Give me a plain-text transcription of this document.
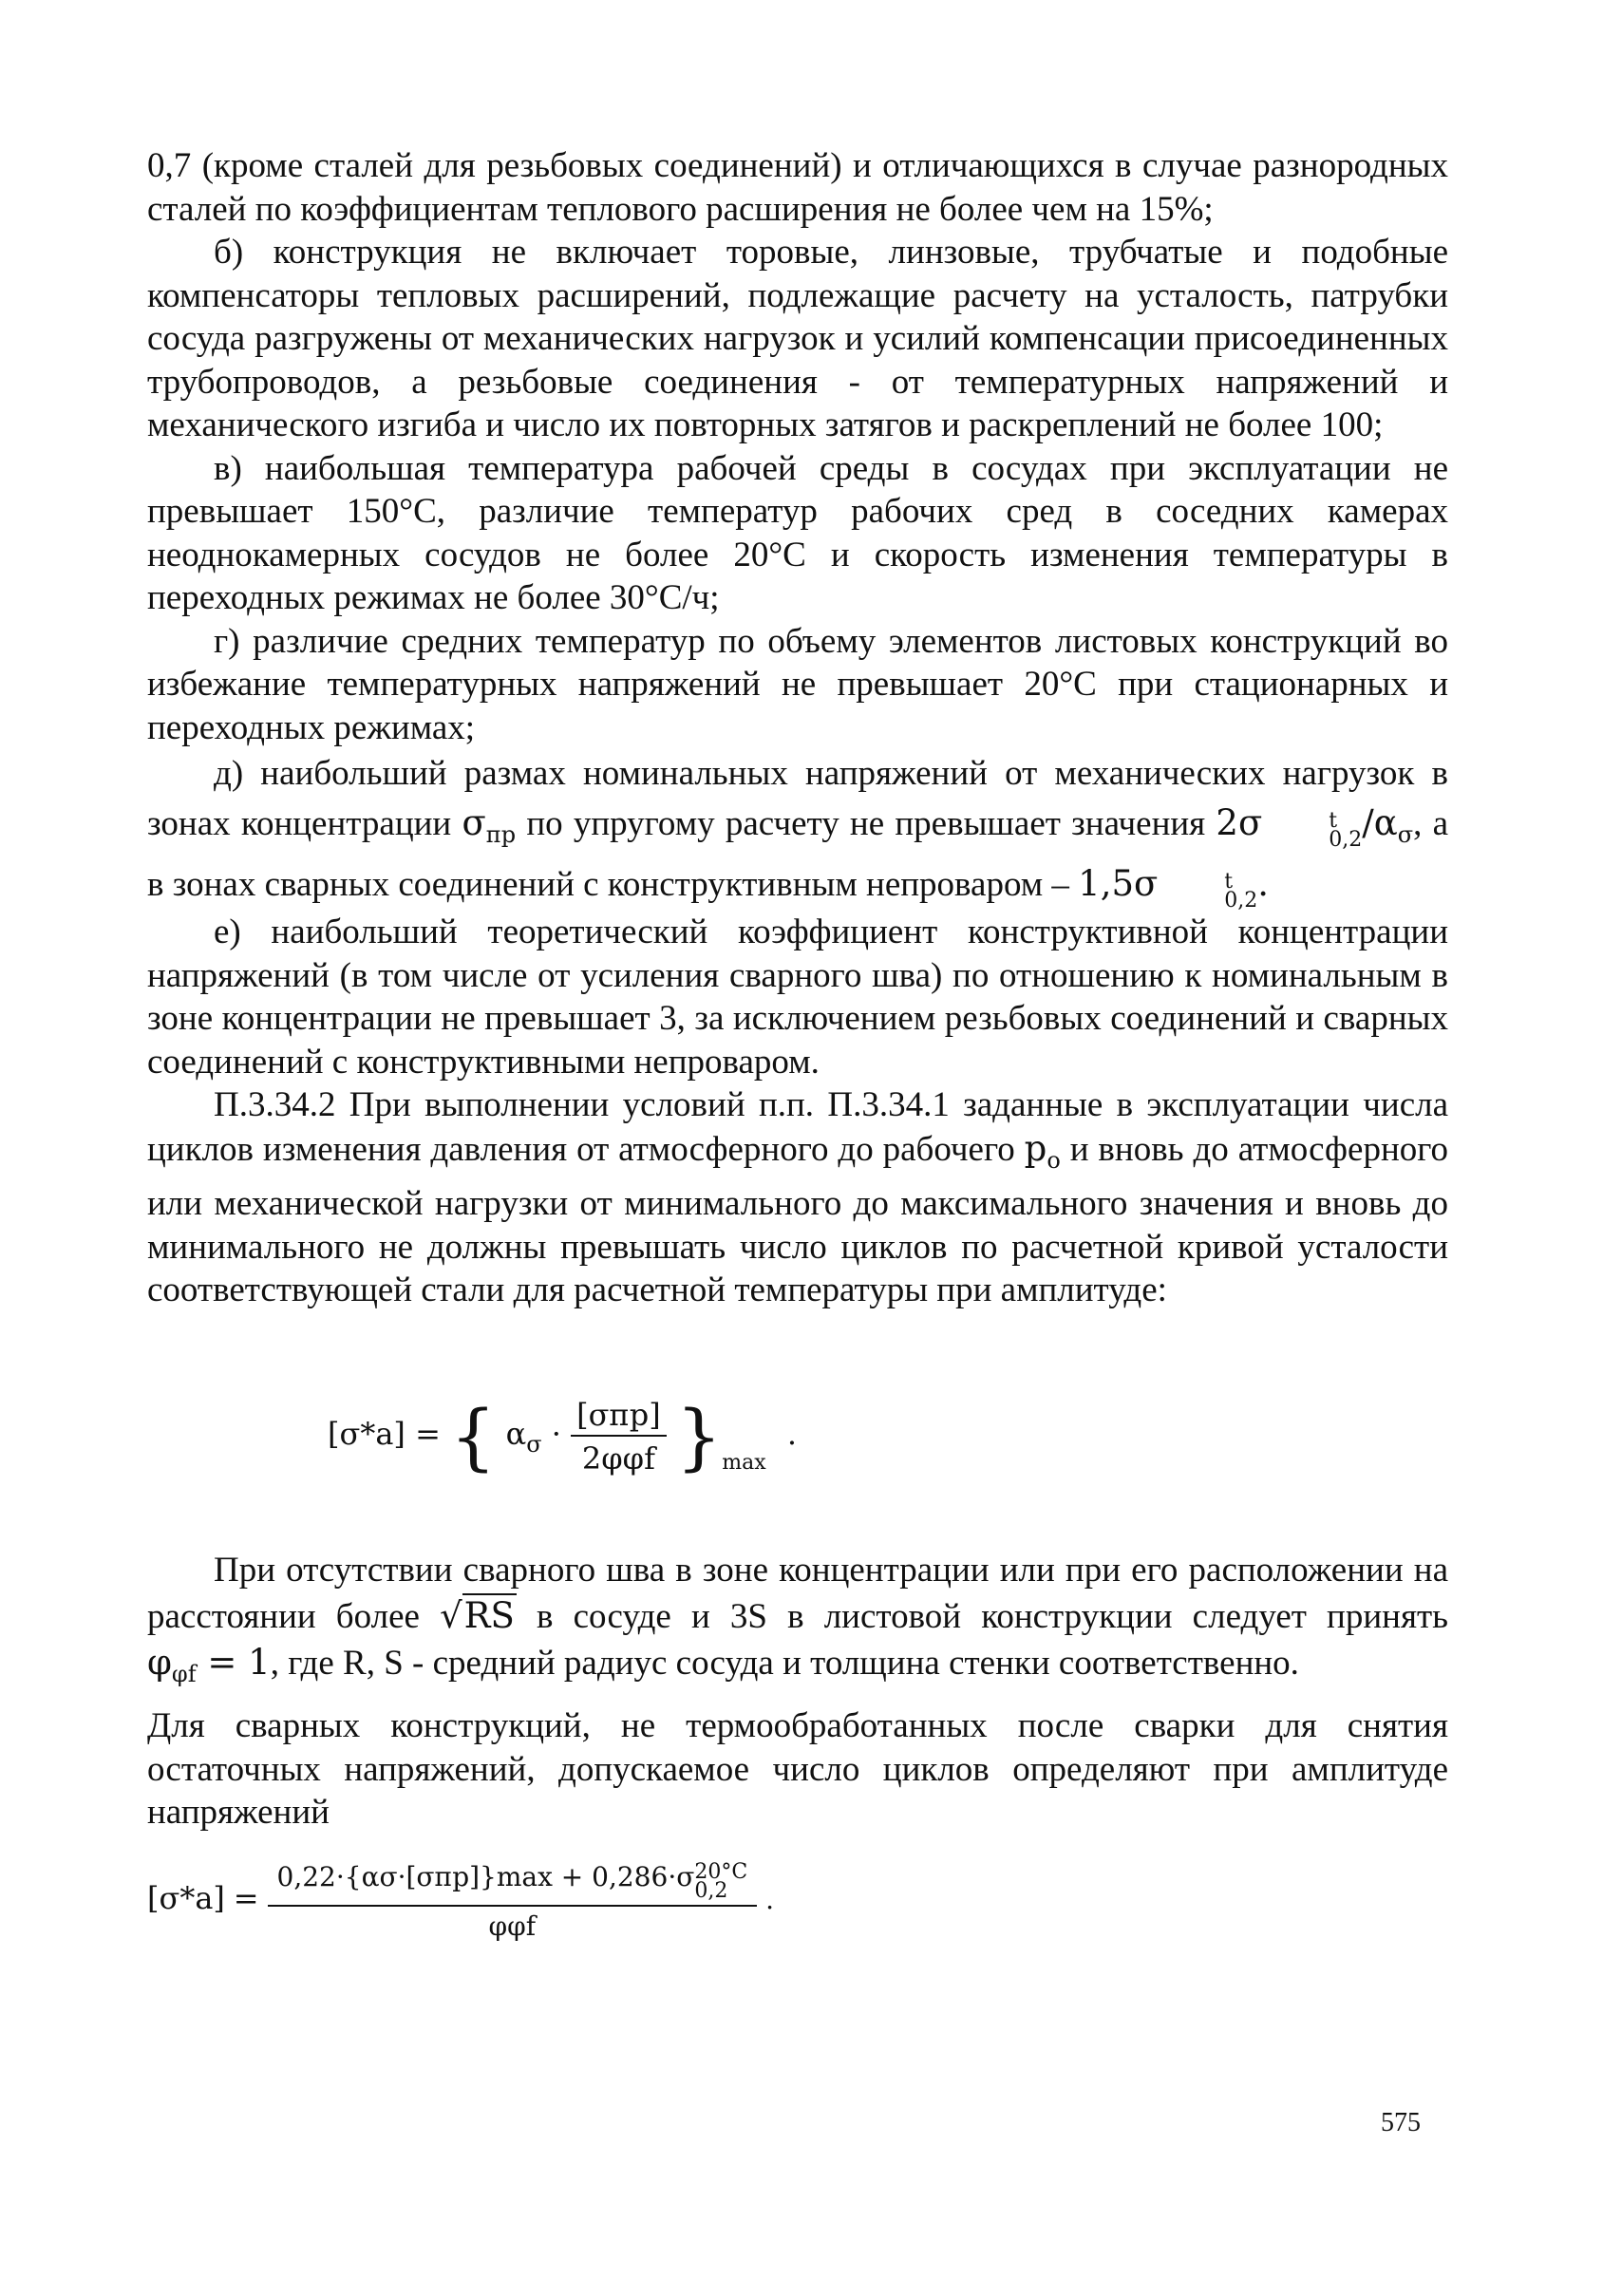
0,7 (кроме сталей для резьбовых соединений) и отличающихся в случае разнородных сталей по коэффициентам теплового расширения не более чем на 15%;

б) конструкция не включает торовые, линзовые, трубчатые и подобные компенсаторы тепловых расширений, подлежащие расчету на усталость, патрубки сосуда разгружены от механических нагрузок и усилий компенсации присоединенных трубопроводов, а резьбовые соединения - от температурных напряжений и механического изгиба и число их повторных затягов и раскреплений не более 100;

в) наибольшая температура рабочей среды в сосудах при эксплуатации не превышает 150°C, различие температур рабочих сред в соседних камерах неоднокамерных сосудов не более 20°C и скорость изменения температуры в переходных режимах не более 30°C/ч;

г) различие средних температур по объему элементов листовых конструкций во избежание температурных напряжений не превышает 20°C при стационарных и переходных режимах;

д) наибольший размах номинальных напряжений от механических нагрузок в зонах концентрации $\sigma_{пр}$ по упругому расчету не превышает значения 2σ	t
0,2 $/\alpha_\sigma$, а в зонах сварных соединений с конструктивным непроваром – 1,5σ	t
0,2 .

е) наибольший теоретический коэффициент конструктивной концентрации напряжений (в том числе от усиления сварного шва) по отношению к номинальным в зоне концентрации не превышает 3, за исключением резьбовых соединений и сварных соединений с конструктивными непроваром.

П.3.34.2 При выполнении условий п.п. П.3.34.1 заданные в эксплуатации числа циклов изменения давления от атмосферного до рабочего $p_o$ и вновь до атмосферного или механической нагрузки от минимального до максимального значения и вновь до минимального не должны превышать число циклов по расчетной кривой усталости соответствующей стали для расчетной температуры при амплитуде:

[σ*a] = { $\alpha_\sigma \cdot \frac{\text{[σпр]}}{\text{2φφf}} \}_{max}$ .

При отсутствии сварного шва в зоне концентрации или при его расположении на расстоянии более √RS в сосуде и 3S в листовой конструкции следует принять $\varphi_{\varphi f} = 1$, где R, S - средний радиус сосуда и толщина стенки соответственно.

Для сварных конструкций, не термообработанных после сварки для снятия остаточных напряжений, допускаемое число циклов определяют при амплитуде напряжений

[σ*a] = 0,22·{ασ·[σпр]}max + 0,286·σ 20°C
0,2
φφf .
575
